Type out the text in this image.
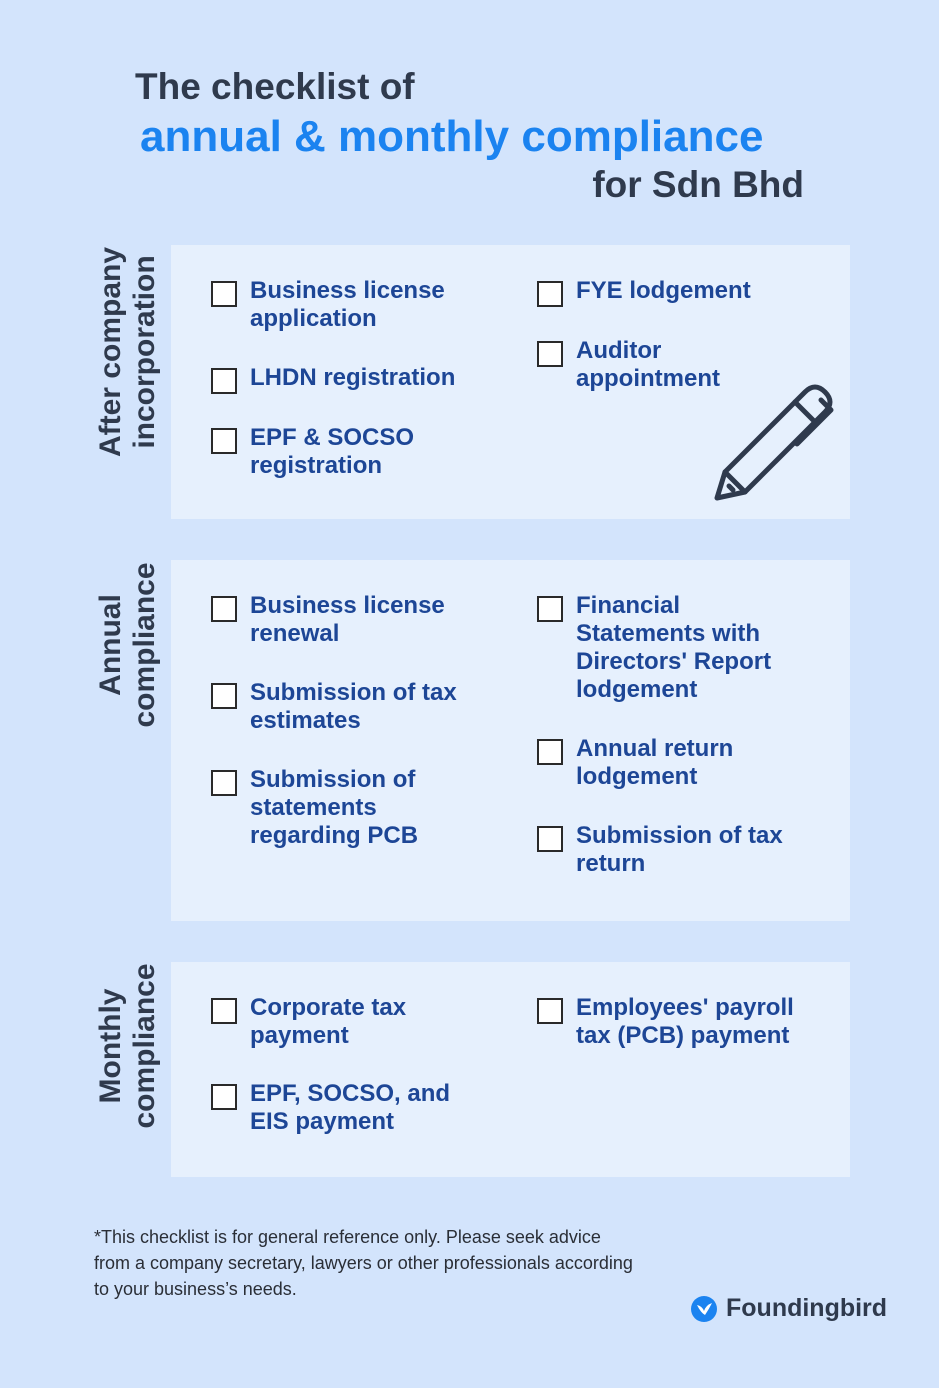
The checklist of
annual & monthly compliance
for Sdn Bhd
After company incorporation	Business license application
LHDN registration
EPF & SOCSO registration
FYE lodgement
Auditor appointment
Annual compliance	Business license renewal
Submission of tax estimates
Submission of statements regarding PCB
Financial Statements with Directors' Report lodgement
Annual return lodgement
Submission of tax return
Monthly compliance	Corporate tax payment
EPF, SOCSO, and EIS payment
Employees' payroll tax (PCB) payment
*This checklist is for general reference only. Please seek advice from a company secretary, lawyers or other professionals according to your business’s needs.
Foundingbird
